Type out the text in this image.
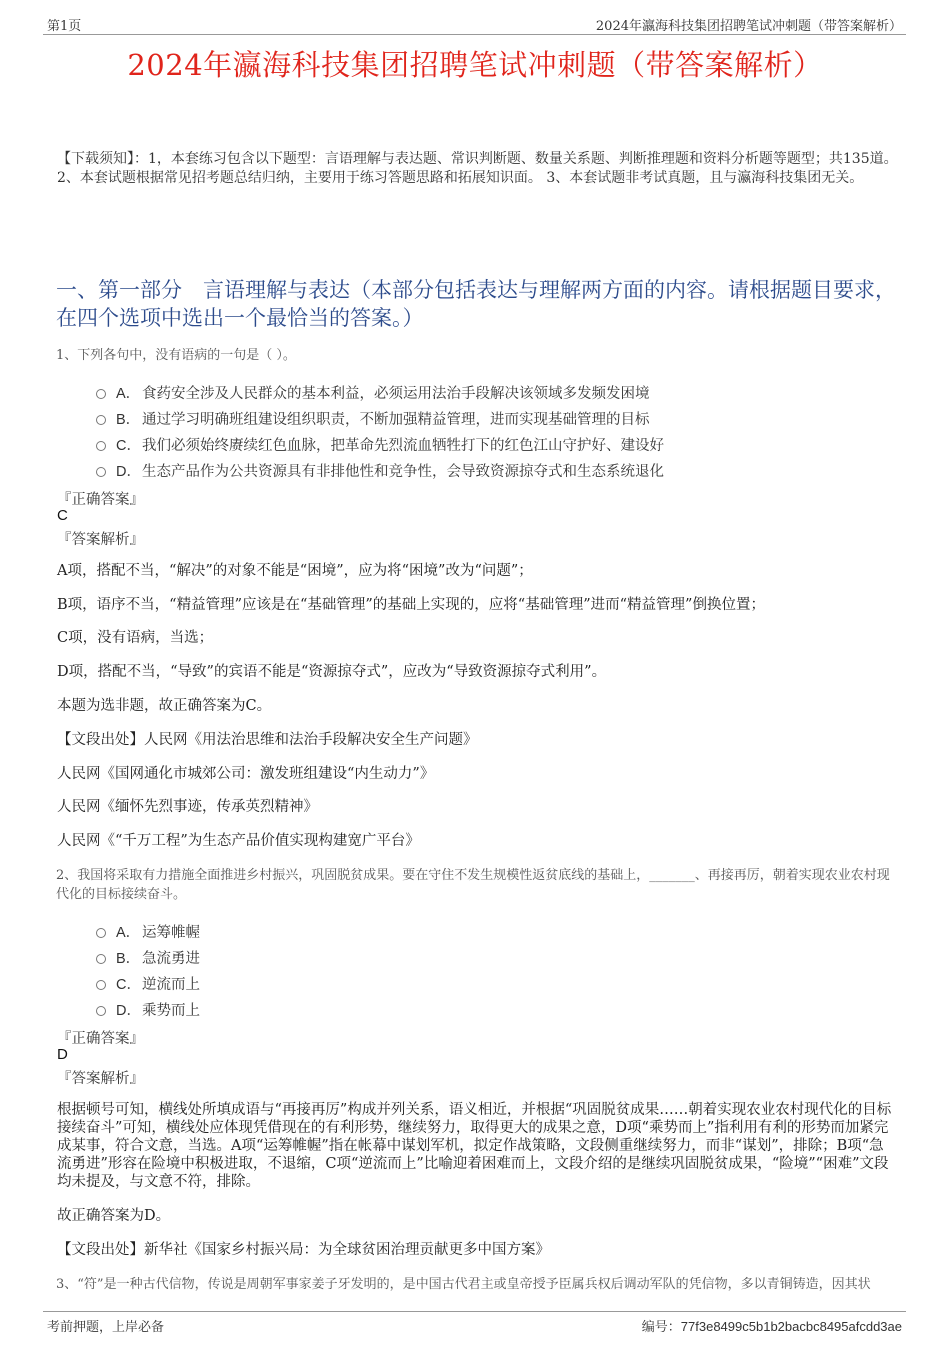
第1页	2024年瀛海科技集团招聘笔试冲刺题（带答案解析）
2024年瀛海科技集团招聘笔试冲刺题（带答案解析）
【下载须知】：1，本套练习包含以下题型：言语理解与表达题、常识判断题、数量关系题、判断推理题和资料分析题等题型；共135道。 2、本套试题根据常见招考题总结归纳，主要用于练习答题思路和拓展知识面。 3、本套试题非考试真题，且与瀛海科技集团无关。
一、第一部分　言语理解与表达（本部分包括表达与理解两方面的内容。请根据题目要求，在四个选项中选出一个最恰当的答案。）
1、下列各句中，没有语病的一句是（ ）。
A． 食药安全涉及人民群众的基本利益，必须运用法治手段解决该领域多发频发困境
B． 通过学习明确班组建设组织职责，不断加强精益管理，进而实现基础管理的目标
C． 我们必须始终赓续红色血脉，把革命先烈流血牺牲打下的红色江山守护好、建设好
D． 生态产品作为公共资源具有非排他性和竞争性，会导致资源掠夺式和生态系统退化
『正确答案』
C
『答案解析』
A项，搭配不当，“解决”的对象不能是“困境”，应为将“困境”改为“问题”；
B项，语序不当，“精益管理”应该是在“基础管理”的基础上实现的，应将“基础管理”进而“精益管理”倒换位置；
C项，没有语病，当选；
D项，搭配不当，“导致”的宾语不能是“资源掠夺式”，应改为“导致资源掠夺式利用”。
本题为选非题，故正确答案为C。
【文段出处】人民网《用法治思维和法治手段解决安全生产问题》
人民网《国网通化市城郊公司：激发班组建设“内生动力”》
人民网《缅怀先烈事迹，传承英烈精神》
人民网《“千万工程”为生态产品价值实现构建宽广平台》
2、我国将采取有力措施全面推进乡村振兴，巩固脱贫成果。要在守住不发生规模性返贫底线的基础上，_______、再接再厉，朝着实现农业农村现代化的目标接续奋斗。
A． 运筹帷幄
B． 急流勇进
C． 逆流而上
D． 乘势而上
『正确答案』
D
『答案解析』
根据顿号可知，横线处所填成语与“再接再厉”构成并列关系，语义相近，并根据“巩固脱贫成果……朝着实现农业农村现代化的目标接续奋斗”可知，横线处应体现凭借现在的有利形势，继续努力，取得更大的成果之意，D项“乘势而上”指利用有利的形势而加紧完成某事，符合文意，当选。A项“运筹帷幄”指在帐幕中谋划军机，拟定作战策略，文段侧重继续努力，而非“谋划”，排除；B项“急流勇进”形容在险境中积极进取，不退缩，C项“逆流而上”比喻迎着困难而上，文段介绍的是继续巩固脱贫成果，“险境”“困难”文段均未提及，与文意不符，排除。
故正确答案为D。
【文段出处】新华社《国家乡村振兴局：为全球贫困治理贡献更多中国方案》
3、“符”是一种古代信物，传说是周朝军事家姜子牙发明的，是中国古代君主或皇帝授予臣属兵权后调动军队的凭信物，多以青铜铸造，因其状
考前押题，上岸必备	编号：77f3e8499c5b1b2bacbc8495afcdd3ae
